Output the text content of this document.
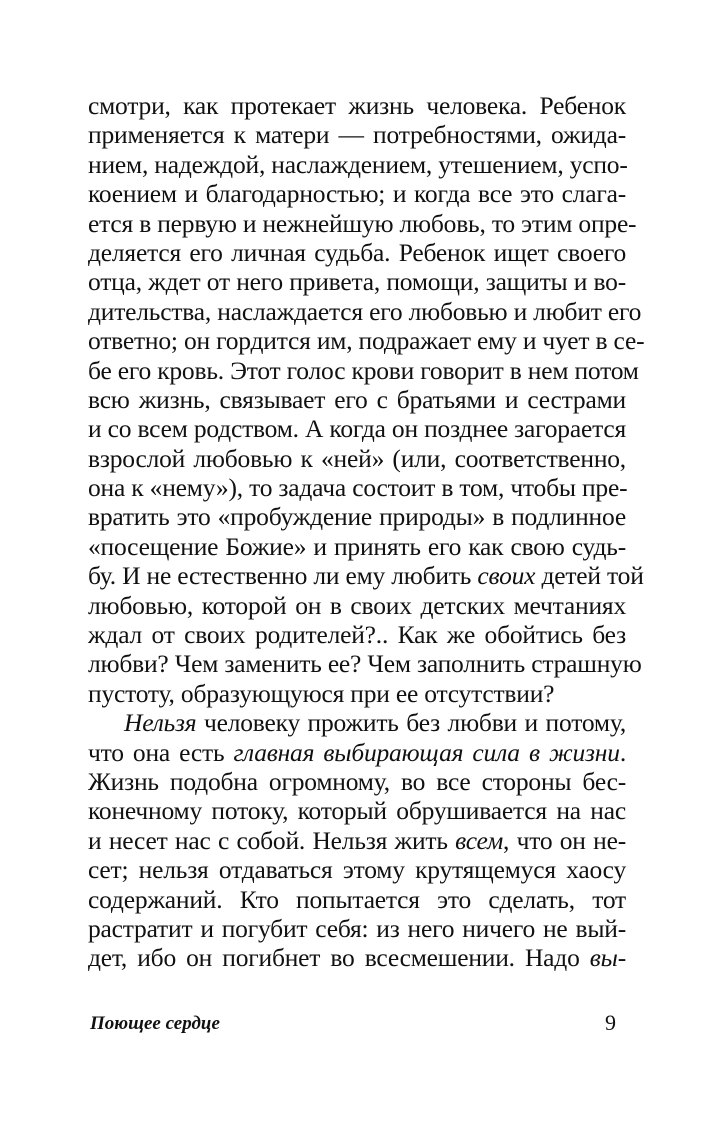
смотри, как протекает жизнь человека. Ребенок
применяется к матери — потребностями, ожида-
нием, надеждой, наслаждением, утешением, успо-
коением и благодарностью; и когда все это слага-
ется в первую и нежнейшую любовь, то этим опре-
деляется его личная судьба. Ребенок ищет своего
отца, ждет от него привета, помощи, защиты и во-
дительства, наслаждается его любовью и любит его
ответно; он гордится им, подражает ему и чует в се-
бе его кровь. Этот голос крови говорит в нем потом
всю жизнь, связывает его с братьями и сестрами
и со всем родством. А когда он позднее загорается
взрослой любовью к «ней» (или, соответственно,
она к «нему»), то задача состоит в том, чтобы пре-
вратить это «пробуждение природы» в подлинное
«посещение Божие» и принять его как свою судь-
бу. И не естественно ли ему любить своих детей той
любовью, которой он в своих детских мечтаниях
ждал от своих родителей?.. Как же обойтись без
любви? Чем заменить ее? Чем заполнить страшную
пустоту, образующуюся при ее отсутствии?
Нельзя человеку прожить без любви и потому,
что она есть главная выбирающая сила в жизни.
Жизнь подобна огромному, во все стороны бес-
конечному потоку, который обрушивается на нас
и несет нас с собой. Нельзя жить всем, что он не-
сет; нельзя отдаваться этому крутящемуся хаосу
содержаний. Кто попытается это сделать, тот
растратит и погубит себя: из него ничего не вый-
дет, ибо он погибнет во всесмешении. Надо вы-
Поющее сердце	9
